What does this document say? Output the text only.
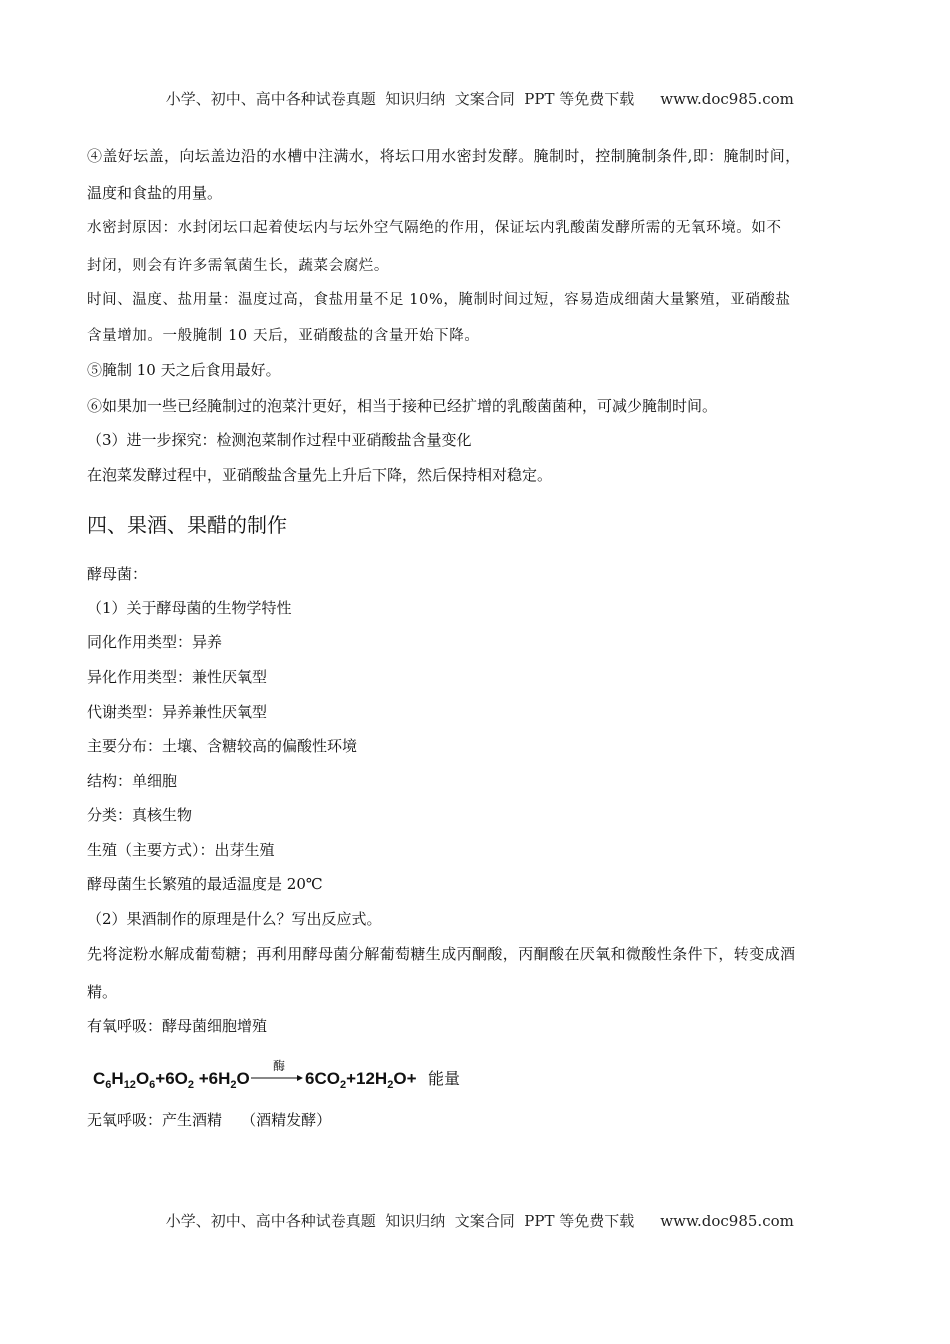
小学、初中、高中各种试卷真题  知识归纳  文案合同  PPT 等免费下载 www.doc985.com

④盖好坛盖，向坛盖边沿的水槽中注满水，将坛口用水密封发酵。腌制时，控制腌制条件,即：腌制时间，
温度和食盐的用量。
水密封原因：水封闭坛口起着使坛内与坛外空气隔绝的作用，保证坛内乳酸菌发酵所需的无氧环境。如不
封闭，则会有许多需氧菌生长，蔬菜会腐烂。
时间、温度、盐用量：温度过高，食盐用量不足 10%，腌制时间过短，容易造成细菌大量繁殖，亚硝酸盐
含量增加。一般腌制 10 天后，亚硝酸盐的含量开始下降。
⑤腌制 10 天之后食用最好。
⑥如果加一些已经腌制过的泡菜汁更好，相当于接种已经扩增的乳酸菌菌种，可减少腌制时间。
（3）进一步探究：检测泡菜制作过程中亚硝酸盐含量变化
在泡菜发酵过程中，亚硝酸盐含量先上升后下降，然后保持相对稳定。
四、果酒、果醋的制作
酵母菌：
（1）关于酵母菌的生物学特性
同化作用类型：异养
异化作用类型：兼性厌氧型
代谢类型：异养兼性厌氧型
主要分布：土壤、含糖较高的偏酸性环境
结构：单细胞
分类：真核生物
生殖（主要方式）：出芽生殖
酵母菌生长繁殖的最适温度是 20℃
（2）果酒制作的原理是什么？写出反应式。
先将淀粉水解成葡萄糖；再利用酵母菌分解葡萄糖生成丙酮酸，丙酮酸在厌氧和微酸性条件下，转变成酒
精。
有氧呼吸：酵母菌细胞增殖
$C_6H_{12}O_6+6O_2 +6H_2O$
酶
$6CO_2+12H_2O+$ 能量
无氧呼吸：产生酒精    （酒精发酵）

小学、初中、高中各种试卷真题  知识归纳  文案合同  PPT 等免费下载 www.doc985.com
